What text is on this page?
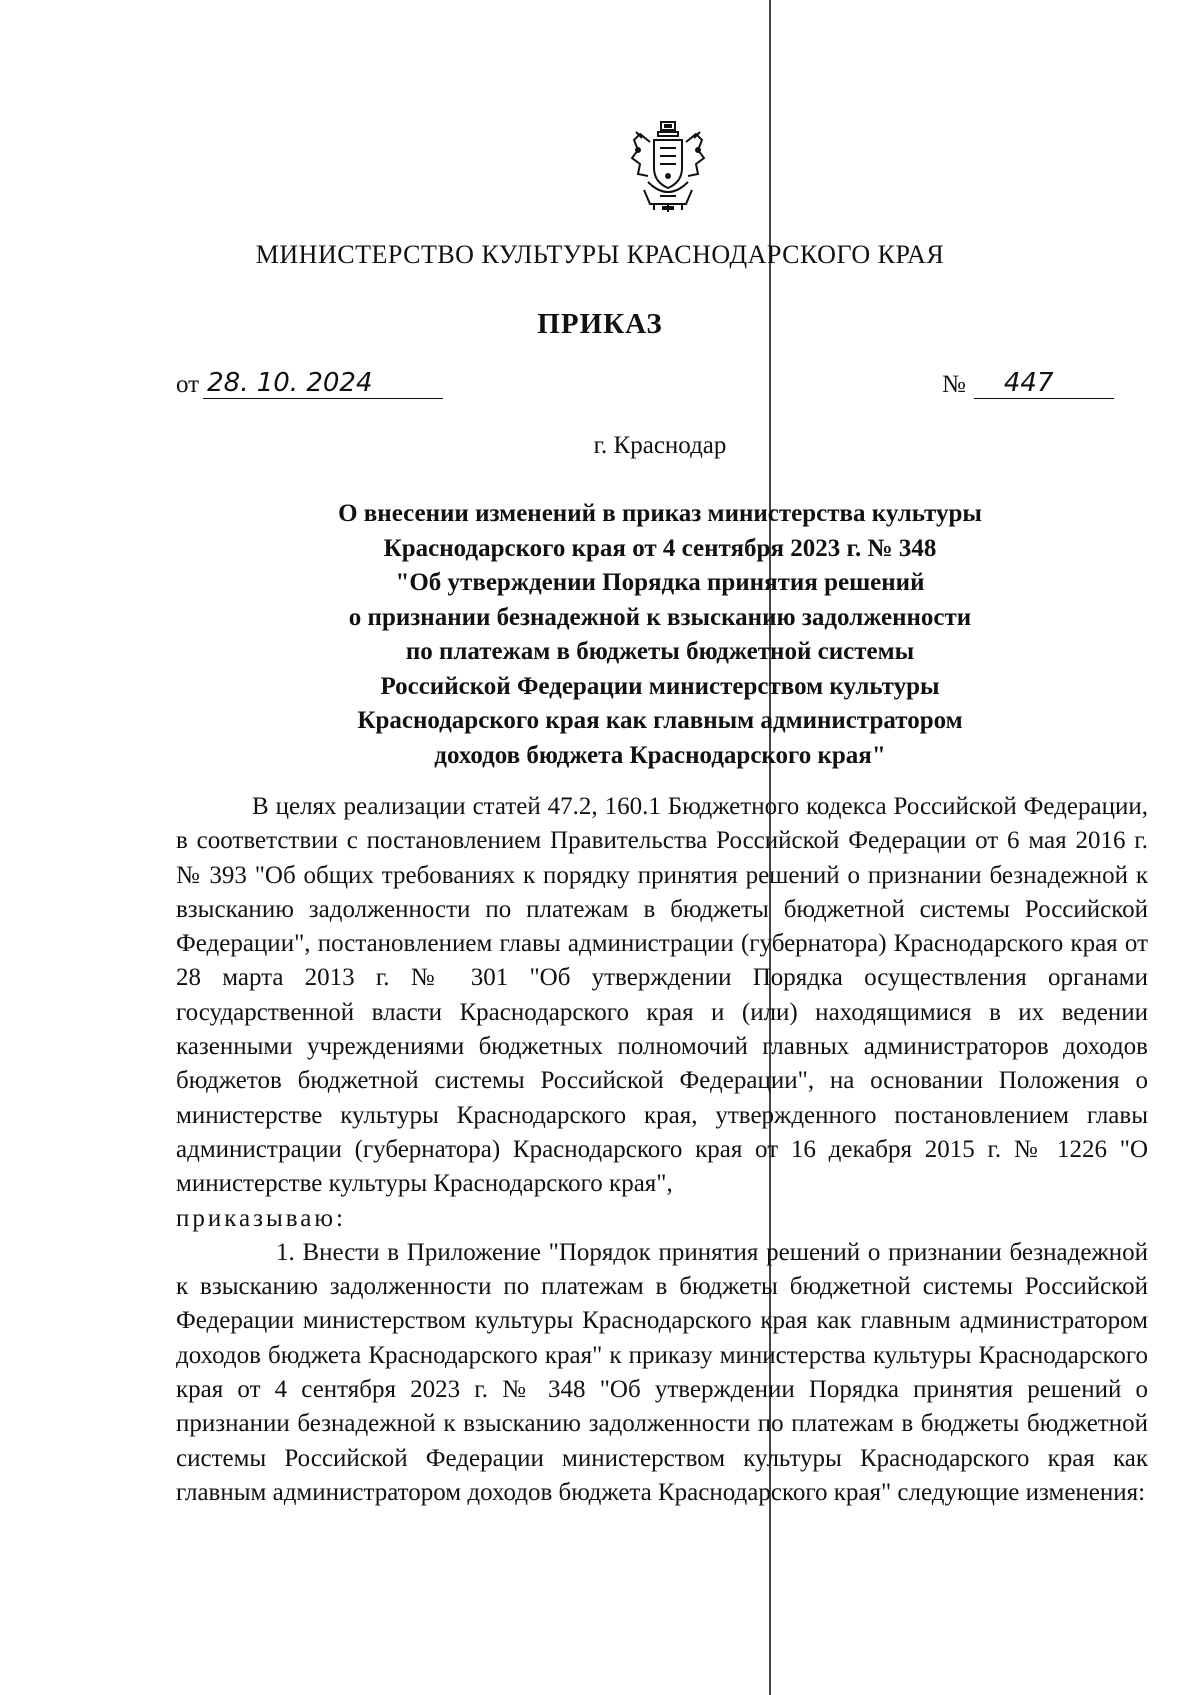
МИНИСТЕРСТВО КУЛЬТУРЫ КРАСНОДАРСКОГО КРАЯ
ПРИКАЗ
от 28. 10. 2024	№	447
г. Краснодар
О внесении изменений в приказ министерства культуры
Краснодарского края от 4 сентября 2023 г. № 348
"Об утверждении Порядка принятия решений
о признании безнадежной к взысканию задолженности
по платежам в бюджеты бюджетной системы
Российской Федерации министерством культуры
Краснодарского края как главным администратором
доходов бюджета Краснодарского края"

В целях реализации статей 47.2, 160.1 Бюджетного кодекса Российской Федерации, в соответствии с постановлением Правительства Российской Федерации от 6 мая 2016 г. № 393 "Об общих требованиях к порядку принятия решений о признании безнадежной к взысканию задолженности по платежам в бюджеты бюджетной системы Российской Федерации", постановлением главы администрации (губернатора) Краснодарского края от 28 марта 2013 г. № 301 "Об утверждении Порядка осуществления органами государственной власти Краснодарского края и (или) находящимися в их ведении казенными учреждениями бюджетных полномочий главных администраторов доходов бюджетов бюджетной системы Российской Федерации", на основании Положения о министерстве культуры Краснодарского края, утвержденного постановлением главы администрации (губернатора) Краснодарского края от 16 декабря 2015 г. № 1226 "О министерстве культуры Краснодарского края",

приказываю:

1. Внести в Приложение "Порядок принятия решений о признании безнадежной к взысканию задолженности по платежам в бюджеты бюджетной системы Российской Федерации министерством культуры Краснодарского края как главным администратором доходов бюджета Краснодарского края" к приказу министерства культуры Краснодарского края от 4 сентября 2023 г. № 348 "Об утверждении Порядка принятия решений о признании безнадежной к взысканию задолженности по платежам в бюджеты бюджетной системы Российской Федерации министерством культуры Краснодарского края как главным администратором доходов бюджета Краснодарского края" следующие изменения:
